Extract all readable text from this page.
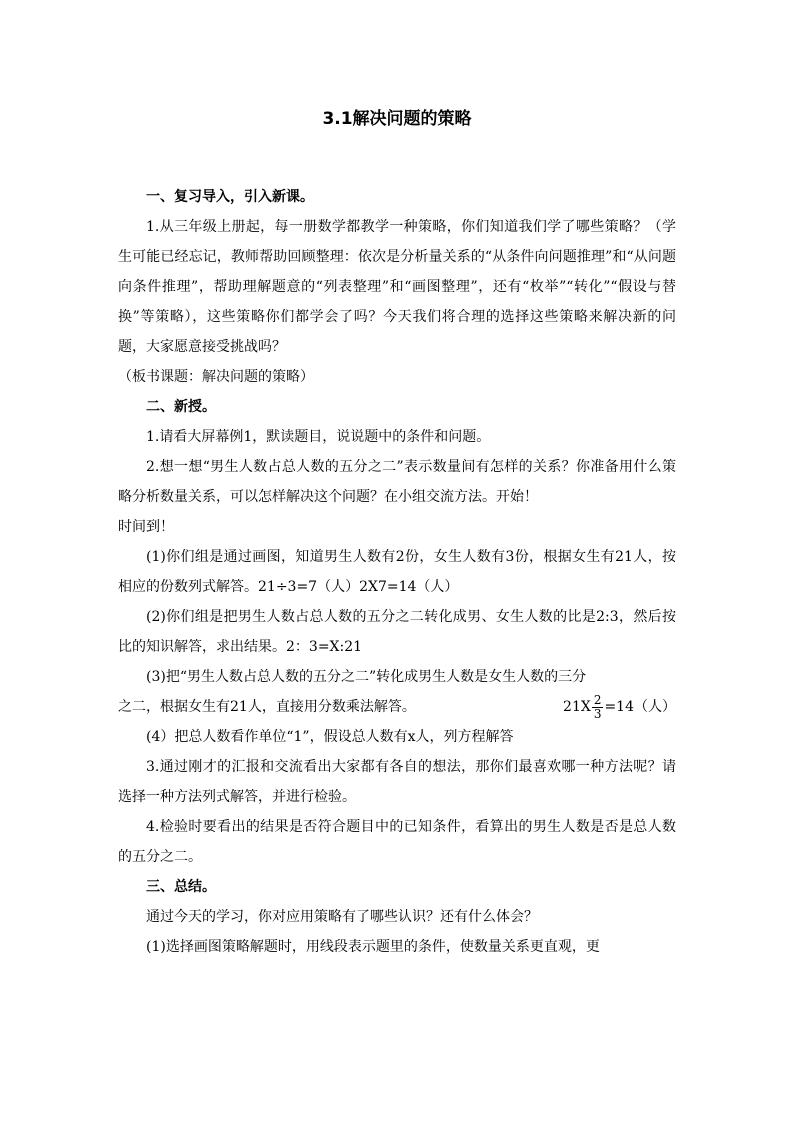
3.1解决问题的策略

一、复习导入，引入新课。

1.从三年级上册起，每一册数学都教学一种策略，你们知道我们学了哪些策略？（学生可能已经忘记，教师帮助回顾整理：依次是分析量关系的“从条件向问题推理”和“从问题向条件推理”，帮助理解题意的“列表整理”和“画图整理”，还有“枚举”“转化”“假设与替换”等策略），这些策略你们都学会了吗？今天我们将合理的选择这些策略来解决新的问题，大家愿意接受挑战吗？

（板书课题：解决问题的策略）

二、新授。

1.请看大屏幕例1，默读题目，说说题中的条件和问题。

2.想一想“男生人数占总人数的五分之二”表示数量间有怎样的关系？你准备用什么策略分析数量关系，可以怎样解决这个问题？在小组交流方法。开始！

时间到！

(1)你们组是通过画图，知道男生人数有2份，女生人数有3份，根据女生有21人，按相应的份数列式解答。21÷3=7（人）2X7=14（人）

(2)你们组是把男生人数占总人数的五分之二转化成男、女生人数的比是2:3，然后按比的知识解答，求出结果。2：3=X:21

(3)把“男生人数占总人数的五分之二”转化成男生人数是女生人数的三分

之二，根据女生有21人，直接用分数乘法解答。	$21X \frac{2}{3} =14$（人）

(4）把总人数看作单位“1”，假设总人数有x人，列方程解答

3.通过刚才的汇报和交流看出大家都有各自的想法，那你们最喜欢哪一种方法呢？请选择一种方法列式解答，并进行检验。

4.检验时要看出的结果是否符合题目中的已知条件，看算出的男生人数是否是总人数的五分之二。

三、总结。

通过今天的学习，你对应用策略有了哪些认识？还有什么体会？

(1)选择画图策略解题时，用线段表示题里的条件，使数量关系更直观，更
